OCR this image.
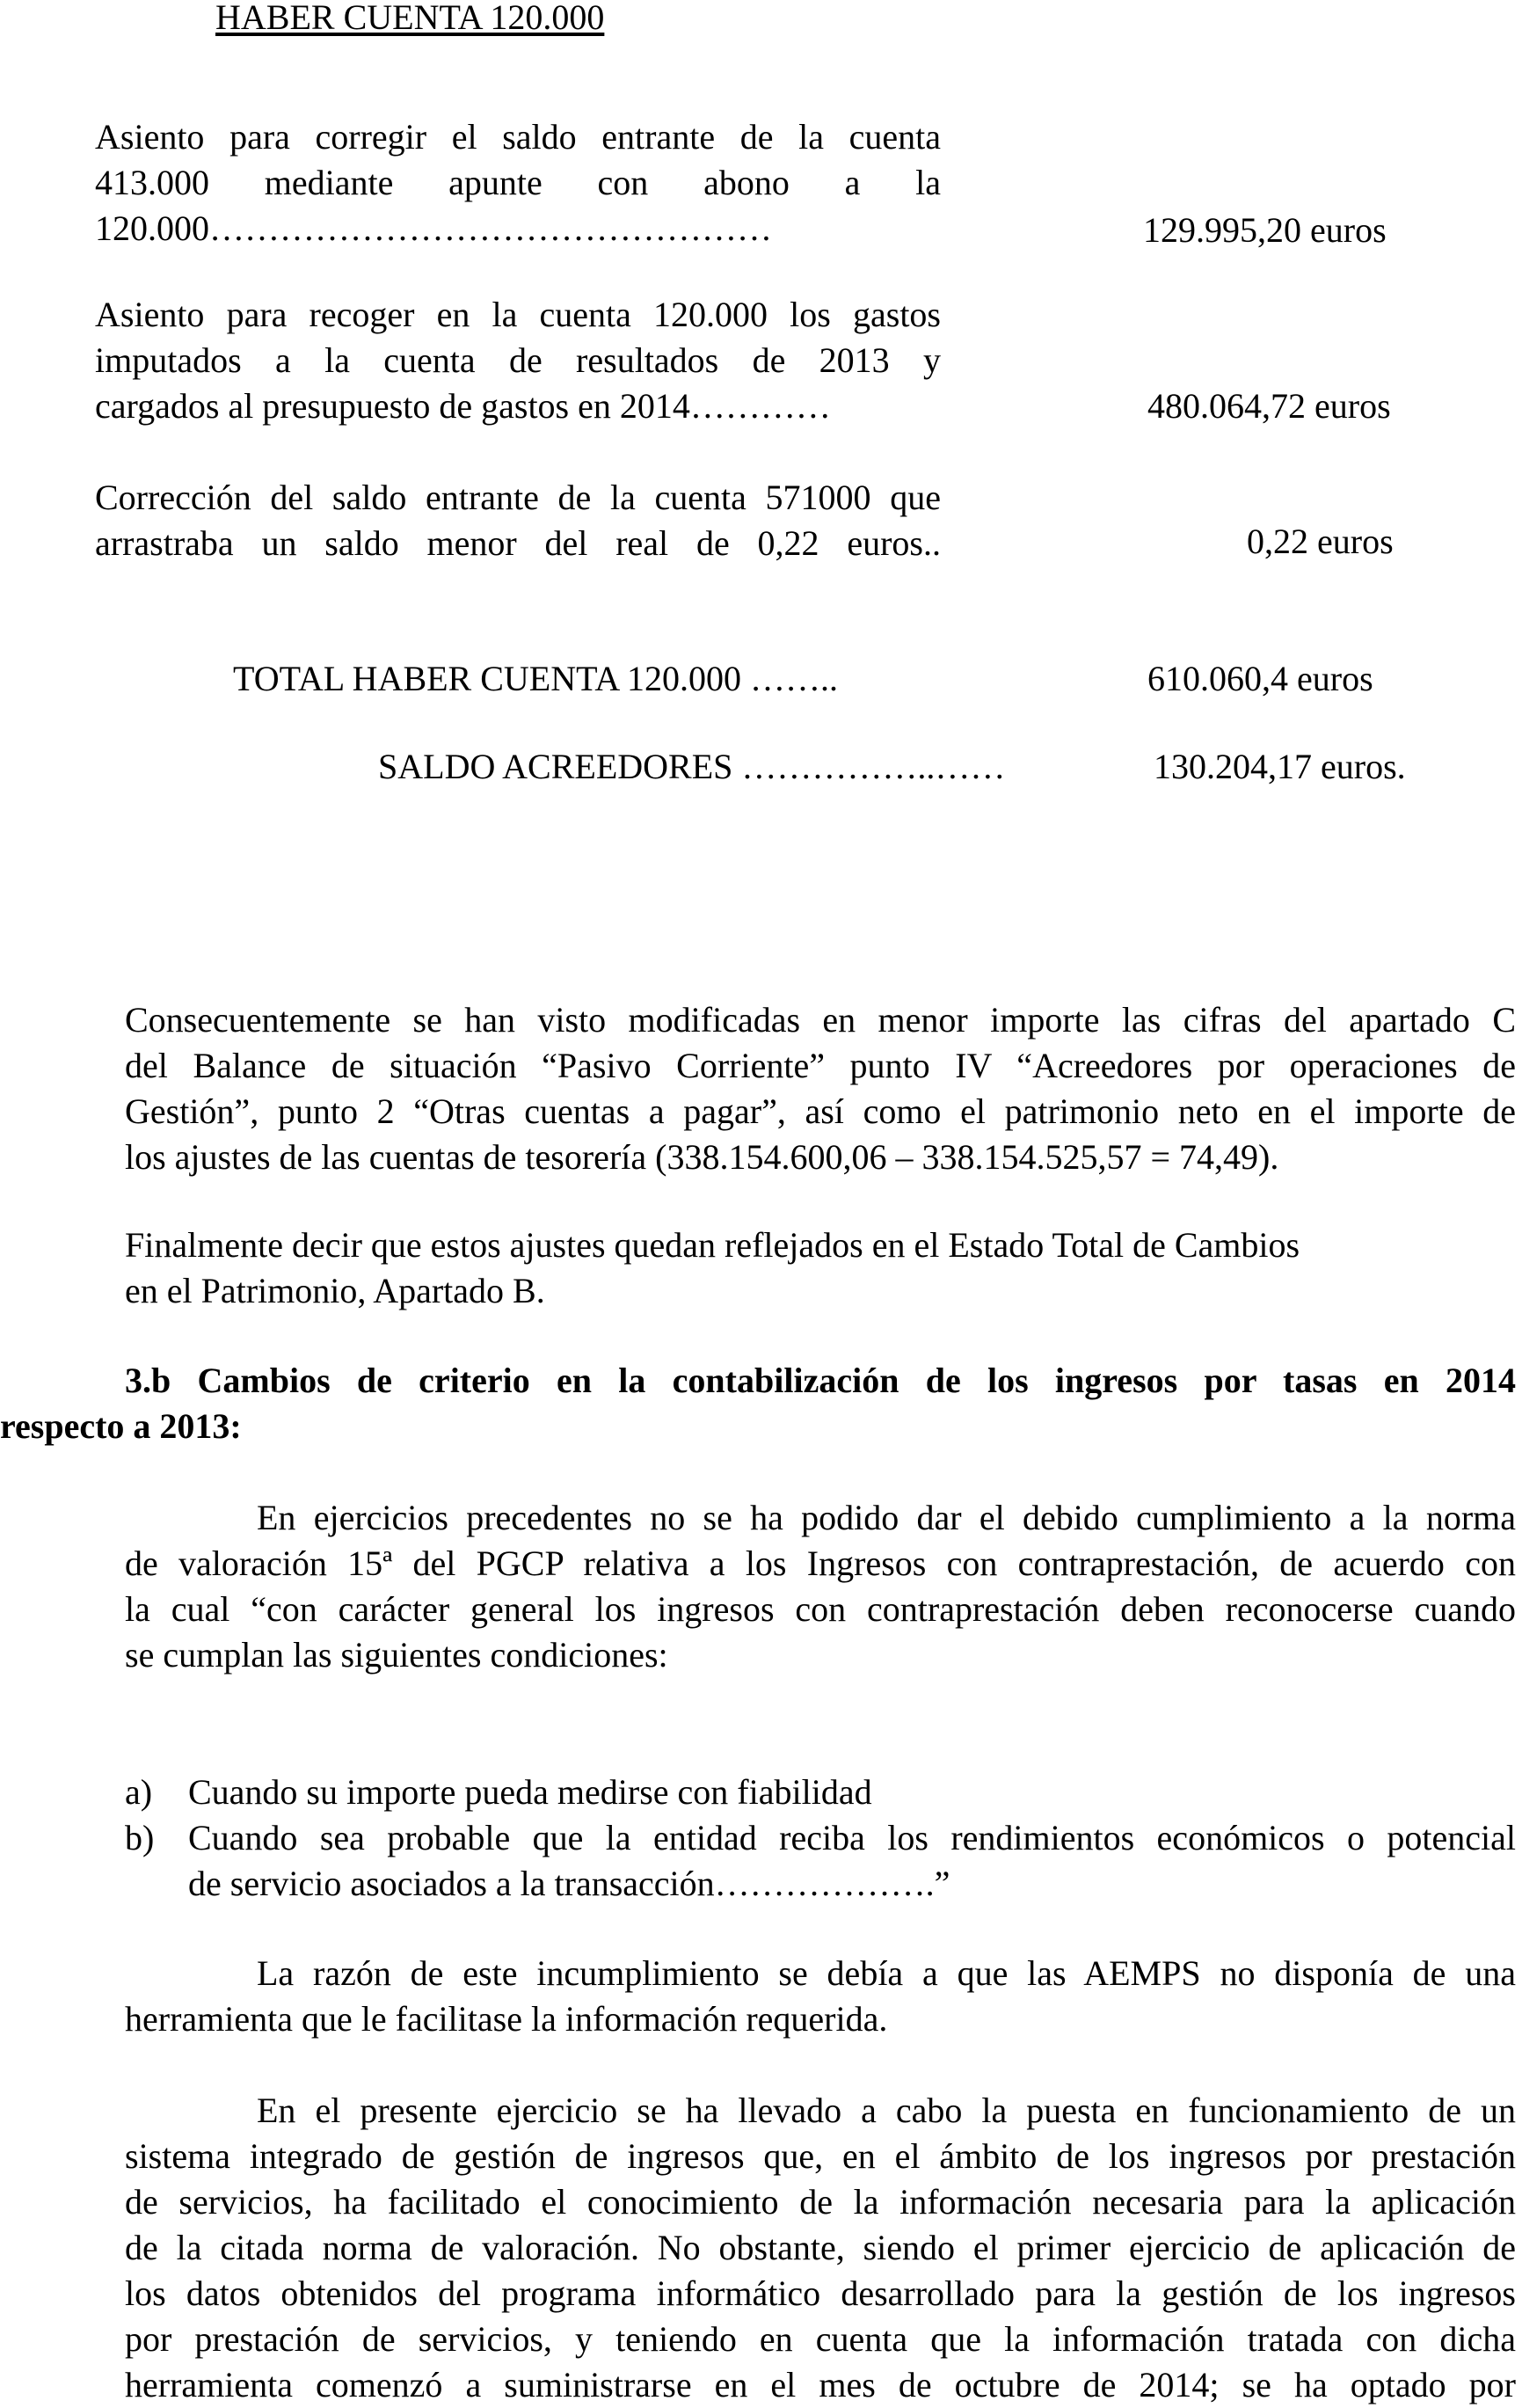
HABER CUENTA 120.000
Asiento para corregir el saldo entrante de la cuenta
413.000 mediante apunte con abono a la
120.000…………………………………………	129.995,20 euros
Asiento para recoger en la cuenta 120.000 los gastos
imputados a la cuenta de resultados de 2013 y
cargados al presupuesto de gastos en 2014…………	480.064,72 euros
Corrección del saldo entrante de la cuenta 571000 que
arrastraba un saldo menor del real de 0,22 euros..	0,22 euros
TOTAL HABER CUENTA 120.000 ……..	610.060,4 euros
SALDO ACREEDORES ……………..……	130.204,17 euros.
Consecuentemente se han visto modificadas en menor importe las cifras del apartado C
del Balance de situación “Pasivo Corriente” punto IV “Acreedores por operaciones de
Gestión”, punto 2 “Otras cuentas a pagar”, así como el patrimonio neto en el importe de
los ajustes de las cuentas de tesorería (338.154.600,06 – 338.154.525,57 = 74,49).
Finalmente decir que estos ajustes quedan reflejados en el Estado Total de Cambios
en el Patrimonio, Apartado B.
3.b Cambios de criterio en la contabilización de los ingresos por tasas en 2014
respecto a 2013:
En ejercicios precedentes no se ha podido dar el debido cumplimiento a la norma
de valoración 15ª del PGCP relativa a los Ingresos con contraprestación, de acuerdo con
la cual “con carácter general los ingresos con contraprestación deben reconocerse cuando
se cumplan las siguientes condiciones:
a) Cuando su importe pueda medirse con fiabilidad
b) Cuando sea probable que la entidad reciba los rendimientos económicos o potencial
de servicio asociados a la transacción……………….”
La razón de este incumplimiento se debía a que las AEMPS no disponía de una
herramienta que le facilitase la información requerida.
En el presente ejercicio se ha llevado a cabo la puesta en funcionamiento de un
sistema integrado de gestión de ingresos que, en el ámbito de los ingresos por prestación
de servicios, ha facilitado el conocimiento de la información necesaria para la aplicación
de la citada norma de valoración. No obstante, siendo el primer ejercicio de aplicación de
los datos obtenidos del programa informático desarrollado para la gestión de los ingresos
por prestación de servicios, y teniendo en cuenta que la información tratada con dicha
herramienta comenzó a suministrarse en el mes de octubre de 2014; se ha optado por
